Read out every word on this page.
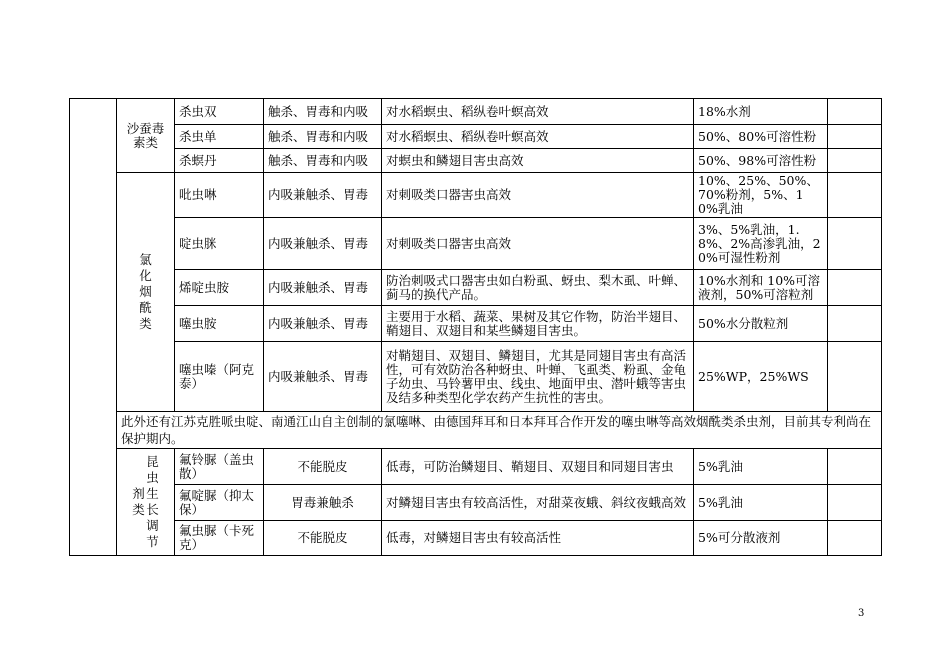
	沙蚕毒素类	杀虫双	触杀、胃毒和内吸	对水稻螟虫、稻纵卷叶螟高效	18%水剂	
		杀虫单	触杀、胃毒和内吸	对水稻螟虫、稻纵卷叶螟高效	50%、80%可溶性粉	
		杀螟丹	触杀、胃毒和内吸	对螟虫和鳞翅目害虫高效	50%、98%可溶性粉	
	氯化烟酰类	吡虫啉	内吸兼触杀、胃毒	对刺吸类口器害虫高效	10%、25%、50%、70%粉剂，5%、10%乳油	
		啶虫脒	内吸兼触杀、胃毒	对刺吸类口器害虫高效	3%、5%乳油，1.8%、2%高渗乳油，20%可湿性粉剂	
		烯啶虫胺	内吸兼触杀、胃毒	防治刺吸式口器害虫如白粉虱、蚜虫、梨木虱、叶蝉、蓟马的换代产品。	10%水剂和 10%可溶液剂，50%可溶粒剂	
		噻虫胺	内吸兼触杀、胃毒	主要用于水稻、蔬菜、果树及其它作物，防治半翅目、鞘翅目、双翅目和某些鳞翅目害虫。	50%水分散粒剂	
		噻虫嗪（阿克泰）	内吸兼触杀、胃毒	对鞘翅目、双翅目、鳞翅目，尤其是同翅目害虫有高活性，可有效防治各种蚜虫、叶蝉、飞虱类、粉虱、金龟子幼虫、马铃薯甲虫、线虫、地面甲虫、潜叶蛾等害虫及结多种类型化学农药产生抗性的害虫。	25%WP，25%WS	
	此外还有江苏克胜哌虫啶、南通江山自主创制的氯噻啉、由德国拜耳和日本拜耳合作开发的噻虫啉等高效烟酰类杀虫剂，目前其专利尚在保护期内。					
	剂类昆虫生长调节	氟铃脲（盖虫散）	不能脱皮	低毒，可防治鳞翅目、鞘翅目、双翅目和同翅目害虫	5%乳油	
		氟啶脲（抑太保）	胃毒兼触杀	对鳞翅目害虫有较高活性，对甜菜夜蛾、斜纹夜蛾高效	5%乳油	
		氟虫脲（卡死克）	不能脱皮	低毒，对鳞翅目害虫有较高活性	5%可分散液剂	
3
